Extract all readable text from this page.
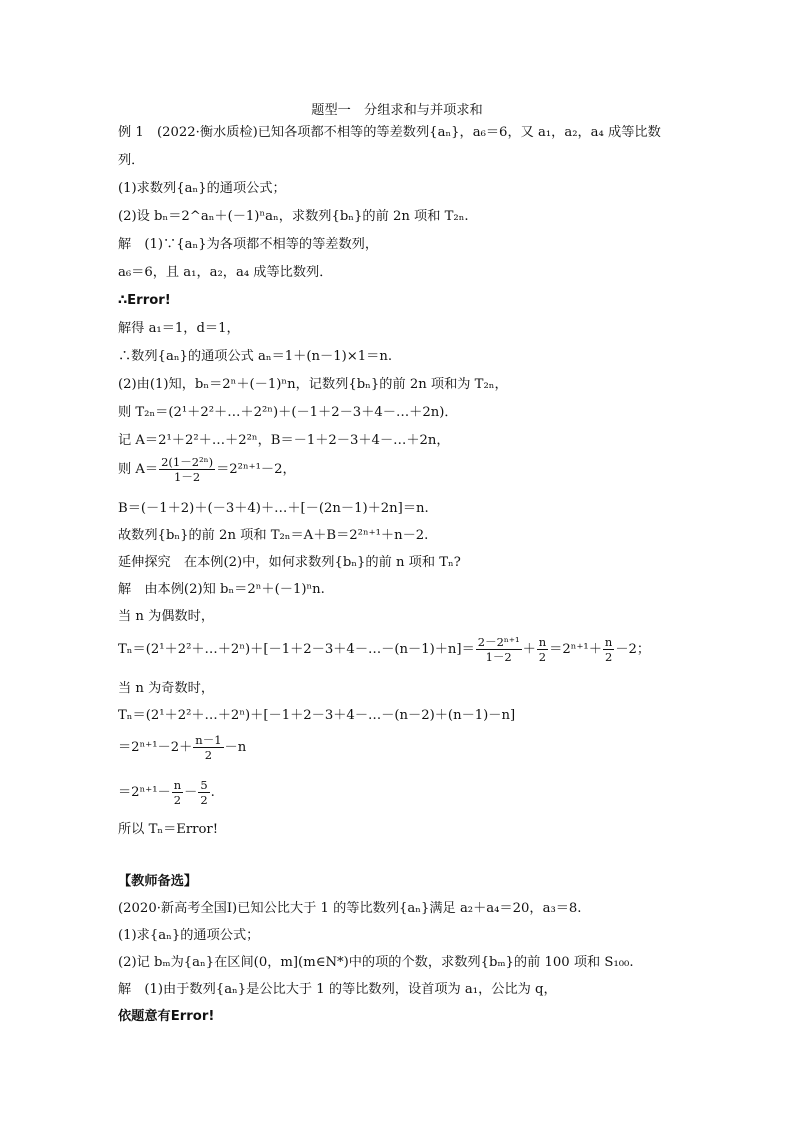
题型一　分组求和与并项求和
例 1　(2022·衡水质检)已知各项都不相等的等差数列{aₙ}，a₆＝6，又 a₁，a₂，a₄ 成等比数
列．
(1)求数列{aₙ}的通项公式；
(2)设 bₙ＝2^aₙ＋(－1)ⁿaₙ，求数列{bₙ}的前 2n 项和 T₂ₙ.
解　(1)∵{aₙ}为各项都不相等的等差数列，
a₆＝6，且 a₁，a₂，a₄ 成等比数列．
∴Error!
解得 a₁＝1，d＝1，
∴数列{aₙ}的通项公式 aₙ＝1＋(n－1)×1＝n.
(2)由(1)知，bₙ＝2ⁿ＋(－1)ⁿn，记数列{bₙ}的前 2n 项和为 T₂ₙ，
则 T₂ₙ＝(2¹＋2²＋…＋2²ⁿ)＋(－1＋2－3＋4－…＋2n)．
记 A＝2¹＋2²＋…＋2²ⁿ，B＝－1＋2－3＋4－…＋2n，
则 $A= \frac{\text{2(1－2²ⁿ)}}{1-2} =2^{2n+1}-2$，
B＝(－1＋2)＋(－3＋4)＋…＋[－(2n－1)＋2n]＝n.
故数列{bₙ}的前 2n 项和 T₂ₙ＝A＋B＝2²ⁿ⁺¹＋n－2.
延伸探究　在本例(2)中，如何求数列{bₙ}的前 n 项和 Tₙ?
解　由本例(2)知 bₙ＝2ⁿ＋(－1)ⁿn.
当 n 为偶数时，
Tₙ＝(2¹＋2²＋…＋2ⁿ)＋[－1＋2－3＋4－…－(n－1)＋n]＝ $\frac{\text{2－2ⁿ⁺¹}}{1-2} + \frac{n}{2} =2^{n+1}+ \frac{n}{2} -2$；
当 n 为奇数时，
Tₙ＝(2¹＋2²＋…＋2ⁿ)＋[－1＋2－3＋4－…－(n－2)＋(n－1)－n]
$=2^{n+1}-2+ \frac{n-1}{2} -n$
$=2^{n+1}- \frac{n}{2} - \frac{5}{2}$ .
所以 Tₙ＝Error!
【教师备选】
(2020·新高考全国Ⅰ)已知公比大于 1 的等比数列{aₙ}满足 a₂＋a₄＝20，a₃＝8.
(1)求{aₙ}的通项公式；
(2)记 bₘ为{aₙ}在区间(0，m](m∈N*)中的项的个数，求数列{bₘ}的前 100 项和 S₁₀₀.
解　(1)由于数列{aₙ}是公比大于 1 的等比数列，设首项为 a₁，公比为 q，
依题意有Error!
